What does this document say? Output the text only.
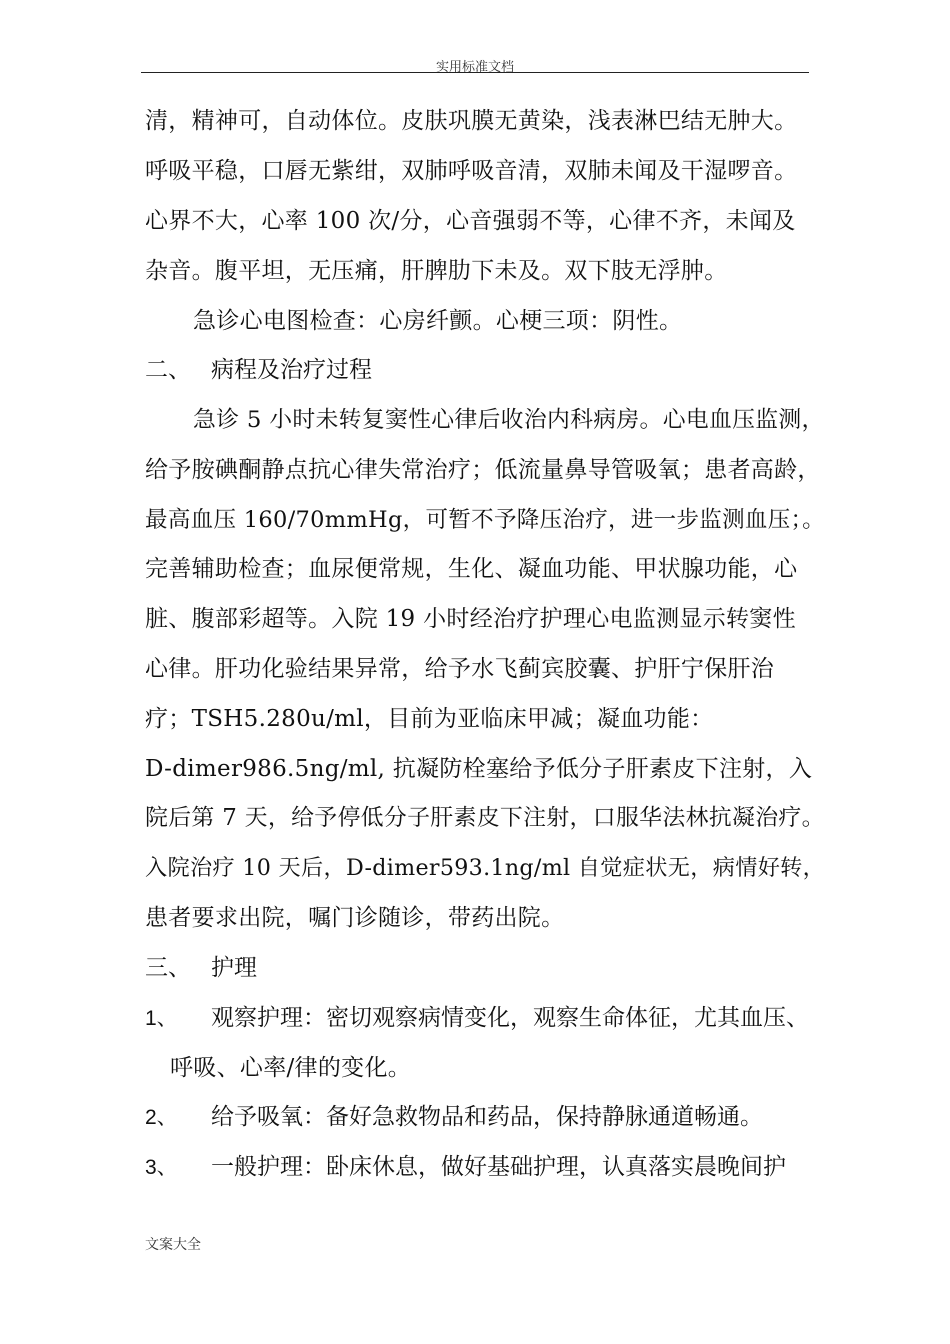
实用标准文档
清，精神可，自动体位。皮肤巩膜无黄染，浅表淋巴结无肿大。
呼吸平稳，口唇无紫绀，双肺呼吸音清，双肺未闻及干湿啰音。
心界不大，心率 100 次/分，心音强弱不等，心律不齐，未闻及
杂音。腹平坦，无压痛，肝脾肋下未及。双下肢无浮肿。
急诊心电图检查：心房纤颤。心梗三项：阴性。
二、 病程及治疗过程
急诊 5 小时未转复窦性心律后收治内科病房。心电血压监测，
给予胺碘酮静点抗心律失常治疗；低流量鼻导管吸氧；患者高龄，
最高血压 160/70mmHg，可暂不予降压治疗，进一步监测血压；。
完善辅助检查；血尿便常规，生化、凝血功能、甲状腺功能，心
脏、腹部彩超等。入院 19 小时经治疗护理心电监测显示转窦性
心律。肝功化验结果异常，给予水飞蓟宾胶囊、护肝宁保肝治
疗；TSH5.280u/ml，目前为亚临床甲减；凝血功能：
D-dimer986.5ng/ml, 抗凝防栓塞给予低分子肝素皮下注射，入
院后第 7 天，给予停低分子肝素皮下注射，口服华法林抗凝治疗。
入院治疗 10 天后，D-dimer593.1ng/ml 自觉症状无，病情好转，
患者要求出院，嘱门诊随诊，带药出院。
三、 护理
1、 观察护理：密切观察病情变化，观察生命体征，尤其血压、
呼吸、心率/律的变化。
2、 给予吸氧：备好急救物品和药品，保持静脉通道畅通。
3、 一般护理：卧床休息，做好基础护理，认真落实晨晚间护
文案大全
